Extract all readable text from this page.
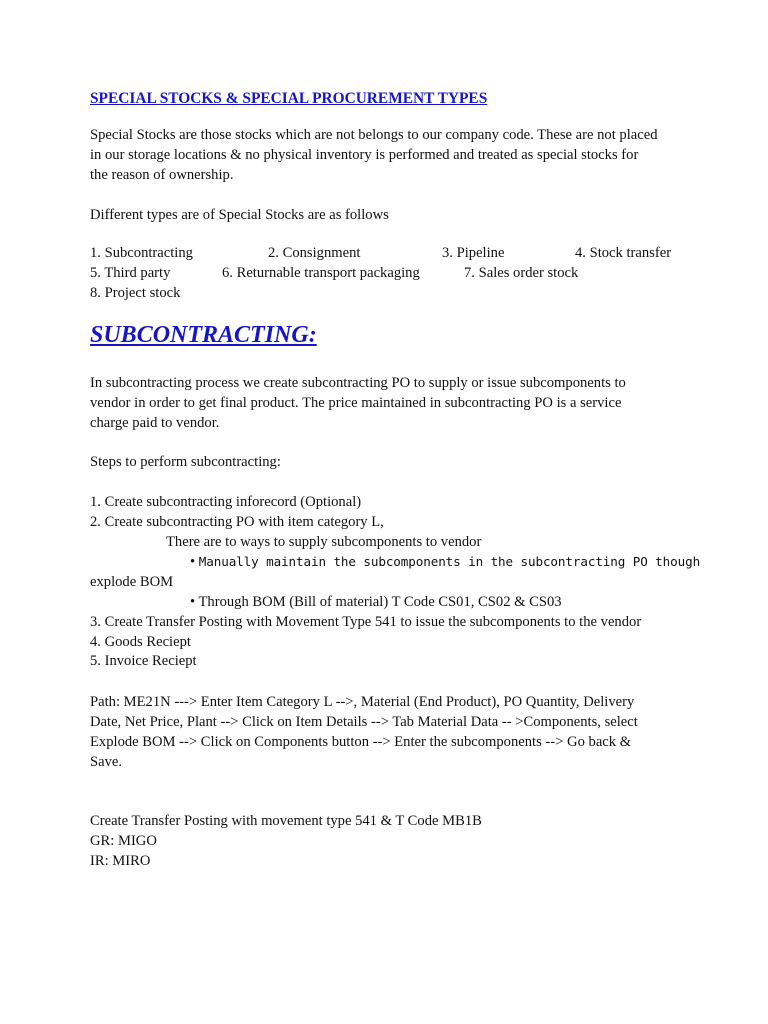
SPECIAL STOCKS & SPECIAL PROCUREMENT TYPES
Special Stocks are those stocks which are not belongs to our company code. These are not placed
in our storage locations & no physical inventory is performed and treated as special stocks for
the reason of ownership.
Different types are of Special Stocks are as follows
1. Subcontracting	2. Consignment	3. Pipeline	4. Stock transfer
5. Third party	6. Returnable transport packaging	7. Sales order stock
8. Project stock
SUBCONTRACTING:
In subcontracting process we create subcontracting PO to supply or issue subcomponents to
vendor in order to get final product. The price maintained in subcontracting PO is a service
charge paid to vendor.
Steps to perform subcontracting:
1. Create subcontracting inforecord (Optional)
2. Create subcontracting PO with item category L,
There are to ways to supply subcomponents to vendor
• Manually maintain the subcomponents in the subcontracting PO though
explode BOM
• Through BOM (Bill of material) T Code CS01, CS02 & CS03
3. Create Transfer Posting with Movement Type 541 to issue the subcomponents to the vendor
4. Goods Reciept
5. Invoice Reciept
Path: ME21N ---> Enter Item Category L -->, Material (End Product), PO Quantity, Delivery
Date, Net Price, Plant --> Click on Item Details --> Tab Material Data -- >Components, select
Explode BOM --> Click on Components button --> Enter the subcomponents --> Go back &
Save.
Create Transfer Posting with movement type 541 & T Code MB1B
GR: MIGO
IR: MIRO
